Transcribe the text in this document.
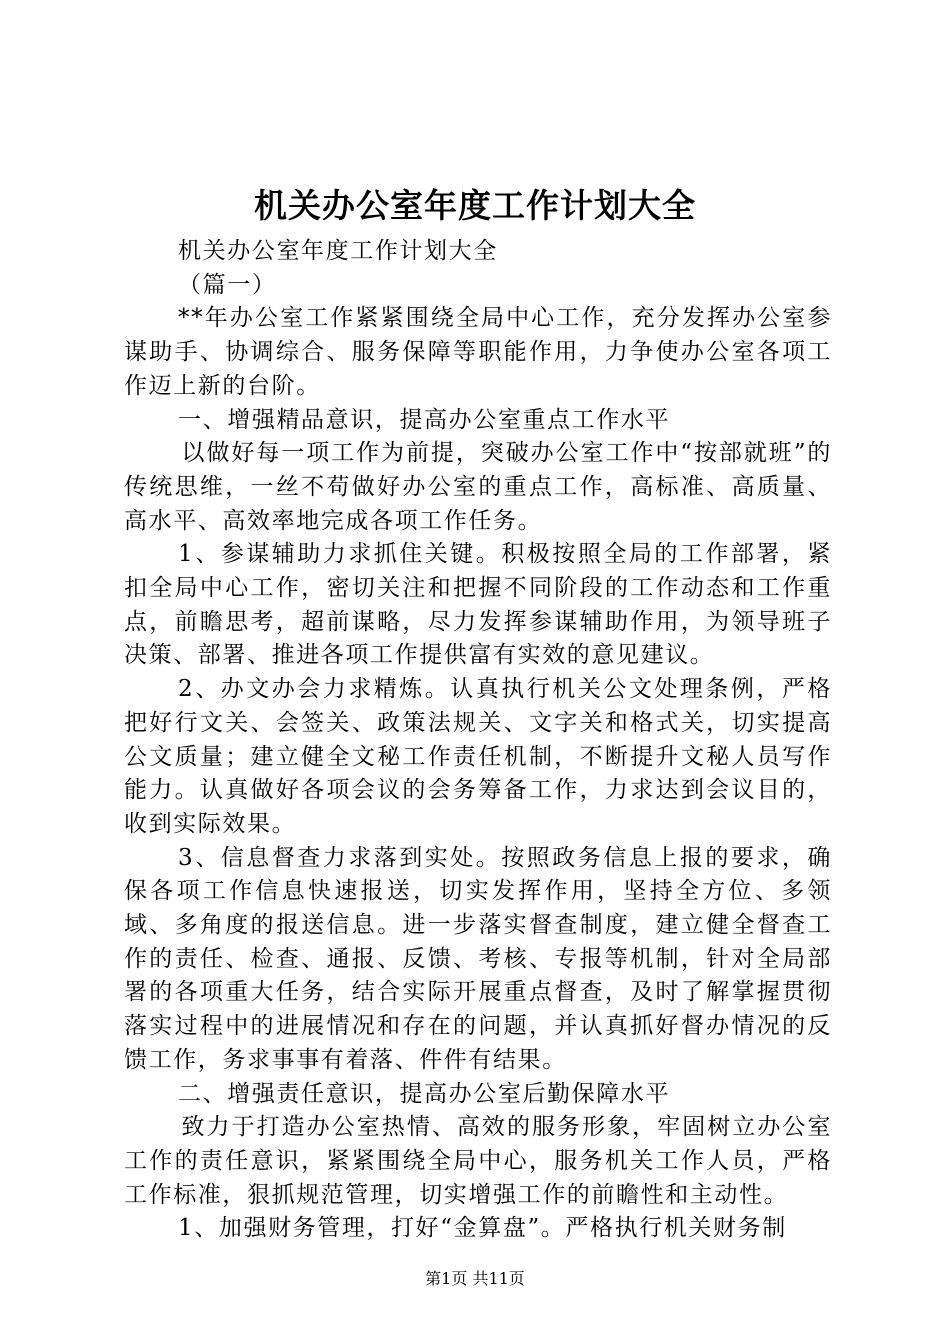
机关办公室年度工作计划大全

机关办公室年度工作计划大全

（篇一）

**年办公室工作紧紧围绕全局中心工作，充分发挥办公室参谋助手、协调综合、服务保障等职能作用，力争使办公室各项工作迈上新的台阶。

一、增强精品意识，提高办公室重点工作水平

以做好每一项工作为前提，突破办公室工作中“按部就班”的传统思维，一丝不苟做好办公室的重点工作，高标准、高质量、高水平、高效率地完成各项工作任务。

1、参谋辅助力求抓住关键。积极按照全局的工作部署，紧扣全局中心工作，密切关注和把握不同阶段的工作动态和工作重点，前瞻思考，超前谋略，尽力发挥参谋辅助作用，为领导班子决策、部署、推进各项工作提供富有实效的意见建议。

2、办文办会力求精炼。认真执行机关公文处理条例，严格把好行文关、会签关、政策法规关、文字关和格式关，切实提高公文质量；建立健全文秘工作责任机制，不断提升文秘人员写作能力。认真做好各项会议的会务筹备工作，力求达到会议目的，收到实际效果。

3、信息督查力求落到实处。按照政务信息上报的要求，确保各项工作信息快速报送，切实发挥作用，坚持全方位、多领域、多角度的报送信息。进一步落实督查制度，建立健全督查工作的责任、检查、通报、反馈、考核、专报等机制，针对全局部署的各项重大任务，结合实际开展重点督查，及时了解掌握贯彻落实过程中的进展情况和存在的问题，并认真抓好督办情况的反馈工作，务求事事有着落、件件有结果。

二、增强责任意识，提高办公室后勤保障水平

致力于打造办公室热情、高效的服务形象，牢固树立办公室工作的责任意识，紧紧围绕全局中心，服务机关工作人员，严格工作标准，狠抓规范管理，切实增强工作的前瞻性和主动性。

1、加强财务管理，打好“金算盘”。严格执行机关财务制

第1页 共11页
